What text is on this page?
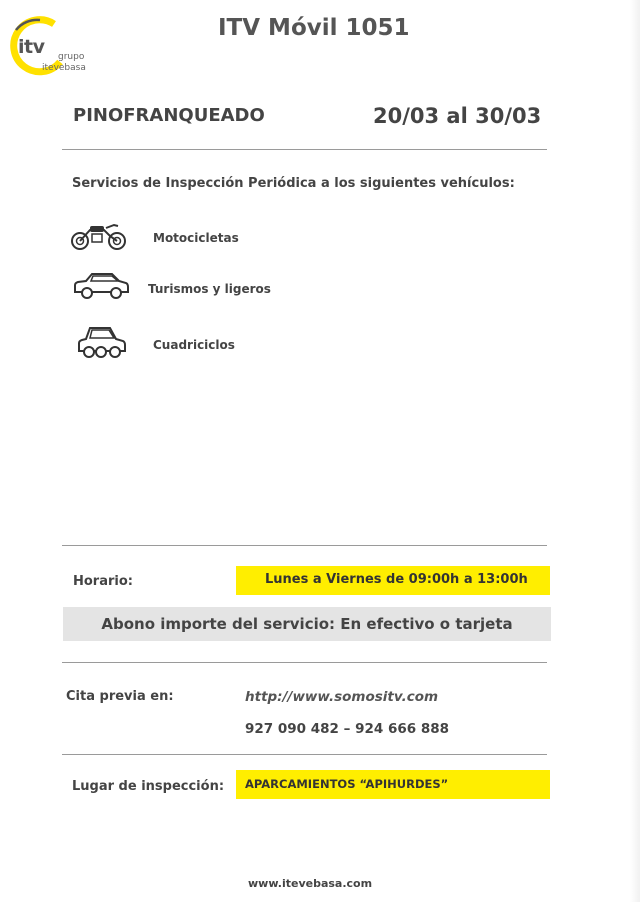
itv grupo
itevebasa
ITV Móvil 1051
PINOFRANQUEADO	20/03 al 30/03
Servicios de Inspección Periódica a los siguientes vehículos:
Motocicletas
Turismos y ligeros
Cuadriciclos
Horario:	Lunes a Viernes de 09:00h a 13:00h
Abono importe del servicio: En efectivo o tarjeta
Cita previa en:	http://www.somositv.com
927 090 482 – 924 666 888
Lugar de inspección: APARCAMIENTOS “APIHURDES”
www.itevebasa.com
